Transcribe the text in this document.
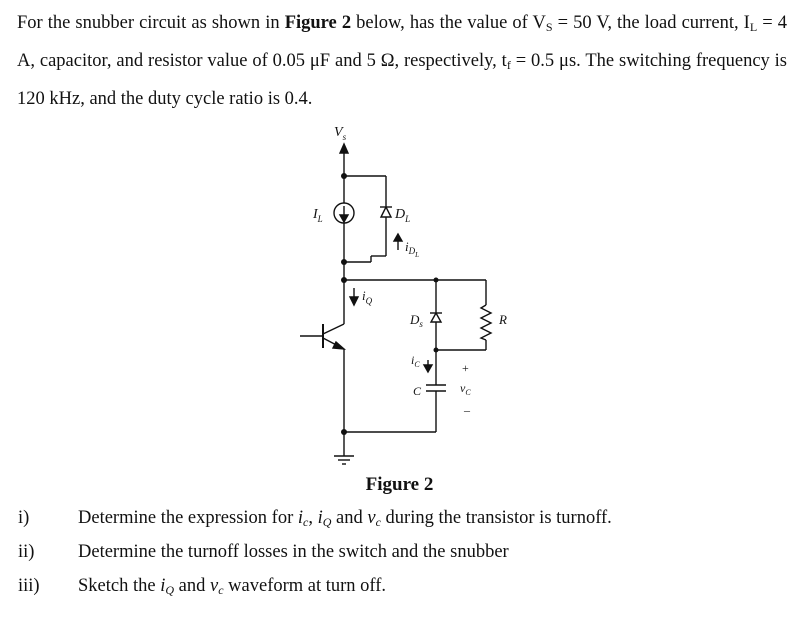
For the snubber circuit as shown in Figure 2 below, has the value of $V_S = 50$ V, the load current, $I_L = 4$ A, capacitor, and resistor value of 0.05 μF and 5 Ω, respectively, $t_f = 0.5$ μs. The switching frequency is 120 kHz, and the duty cycle ratio is 0.4.
$V_s$
$I_L$	$D_L$
$i_{DL}$
$i_Q$
$D_s$	R
$i_C$
C
+
$v_C$
–
Figure 2
i)	Determine the expression for $i_c$, $i_Q$ and $v_c$ during the transistor is turnoff.
ii) Determine the turnoff losses in the switch and the snubber
iii) Sketch the $i_Q$ and $v_c$ waveform at turn off.
